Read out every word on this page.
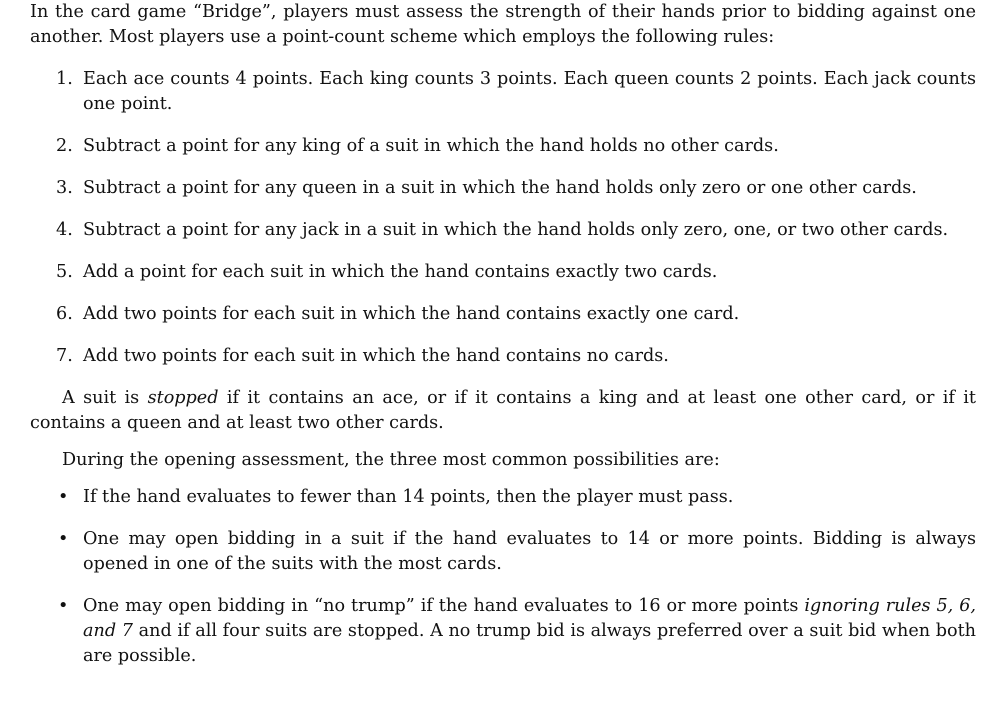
In the card game “Bridge”, players must assess the strength of their hands prior to bidding against one another. Most players use a point-count scheme which employs the following rules:

1. Each ace counts 4 points. Each king counts 3 points. Each queen counts 2 points. Each jack counts one point.
2. Subtract a point for any king of a suit in which the hand holds no other cards.
3. Subtract a point for any queen in a suit in which the hand holds only zero or one other cards.
4. Subtract a point for any jack in a suit in which the hand holds only zero, one, or two other cards.
5. Add a point for each suit in which the hand contains exactly two cards.
6. Add two points for each suit in which the hand contains exactly one card.
7. Add two points for each suit in which the hand contains no cards.

A suit is stopped if it contains an ace, or if it contains a king and at least one other card, or if it contains a queen and at least two other cards.

During the opening assessment, the three most common possibilities are:

• If the hand evaluates to fewer than 14 points, then the player must pass.
• One may open bidding in a suit if the hand evaluates to 14 or more points. Bidding is always opened in one of the suits with the most cards.
• One may open bidding in “no trump” if the hand evaluates to 16 or more points ignoring rules 5, 6, and 7 and if all four suits are stopped. A no trump bid is always preferred over a suit bid when both are possible.
